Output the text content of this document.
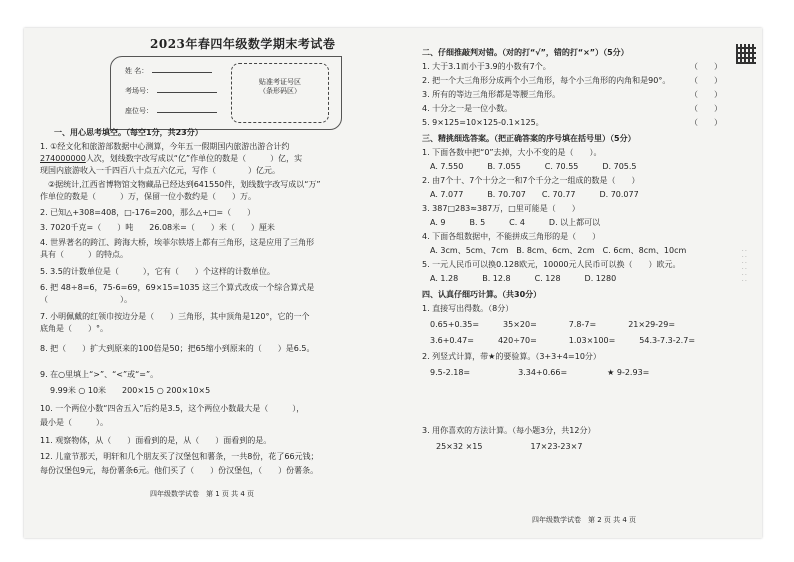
2023年春四年级数学期末考试卷
姓 名：
考场号：
座位号：
贴准考证号区
（条形码区）
一、用心思考填空。（每空1分，共23分）
1. ①经文化和旅游部数据中心测算，今年五一假期国内旅游出游合计约
274000000人次，划线数字改写成以“亿”作单位的数是（　　　）亿，实
现国内旅游收入一千四百八十点五六亿元，写作（　　　　）亿元。
　②据统计,江西省博物馆文物藏品已经达到641550件，划线数字改写成以“万”
作单位的数是（　　　）万，保留一位小数约是（　　）万。
2. 已知△+308=408，□-176=200，那么△+□=（　　）
3. 7020千克=（　　）吨　　26.08米=（　　）米（　　）厘米
4. 世界著名的跨江、跨海大桥，埃菲尔铁塔上都有三角形，这是应用了三角形
具有（　　　）的特点。
5. 3.5的计数单位是（　　　），它有（　　）个这样的计数单位。
6. 把 48÷8=6，75-6=69，69×15=1035 这三个算式改成一个综合算式是
（　　　　　　　　　）。
7. 小明佩戴的红领巾按边分是（　　）三角形，其中顶角是120°，它的一个
底角是（　　）°。
8. 把（　　）扩大到原来的100倍是50；把65缩小到原来的（　　）是6.5。
9. 在○里填上“>”、“<”或“=”。
9.99米 ○ 10米　　200×15 ○ 200×10×5
10. 一个两位小数“四舍五入”后约是3.5，这个两位小数最大是（　　　），
最小是（　　　）。
11. 观察物体，从（　　）面看到的是，从（　　）面看到的是。
12. 儿童节那天，明轩和几个朋友买了汉堡包和薯条，一共8份，花了66元钱；
每份汉堡包9元，每份薯条6元。他们买了（　　）份汉堡包，（　　）份薯条。
四年级数学试卷　第 1 页 共 4 页
二、仔细推敲判对错。（对的打“√”，错的打“×”）（5分）
1. 大于3.1而小于3.9的小数有7个。
2. 把一个大三角形分成两个小三角形，每个小三角形的内角和是90°。
3. 所有的等边三角形都是等腰三角形。
4. 十分之一是一位小数。
5. 9×125=10×125-0.1×125。
（　　）
（　　）
（　　）
（　　）
（　　）
三、精挑细选答案。（把正确答案的序号填在括号里）（5分）
1. 下面各数中把“0”去掉，大小不变的是（　　）。
A. 7.550　　　B. 7.055　　　C. 70.55　　　D. 705.5
2. 由7个十、7个十分之一和7个千分之一组成的数是（　　）
A. 7.077　　　B. 70.707　　C. 70.77　　　D. 70.077
3. 387□283≈387万，□里可能是（　　）
A. 9　　　B. 5　　　C. 4　　　D. 以上都可以
4. 下面各组数据中，不能拼成三角形的是（　　）
A. 3cm、5cm、7cm　B. 8cm、6cm、2cm　C. 6cm、8cm、10cm
5. 一元人民币可以换0.128欧元，10000元人民币可以换（　　）欧元。
A. 1.28　　　B. 12.8　　　C. 128　　　D. 1280
四、认真仔细巧计算。（共30分）
1. 直接写出得数。（8分）
0.65+0.35=　　　35×20=　　　　7.8-7=　　　　21×29-29=
3.6+0.47=　　　420÷70=　　　　1.03×100=　　　54.3-7.3-2.7=
2. 列竖式计算，带★的要验算。（3+3+4=10分）
9.5-2.18=　　　　　　3.34+0.66=　　　　　★ 9-2.93=
3. 用你喜欢的方法计算。（每小题3分，共12分）
25×32 ×15　　　　　　17×23-23×7
四年级数学试卷　第 2 页 共 4 页
· · · · · · · · · · · ·
